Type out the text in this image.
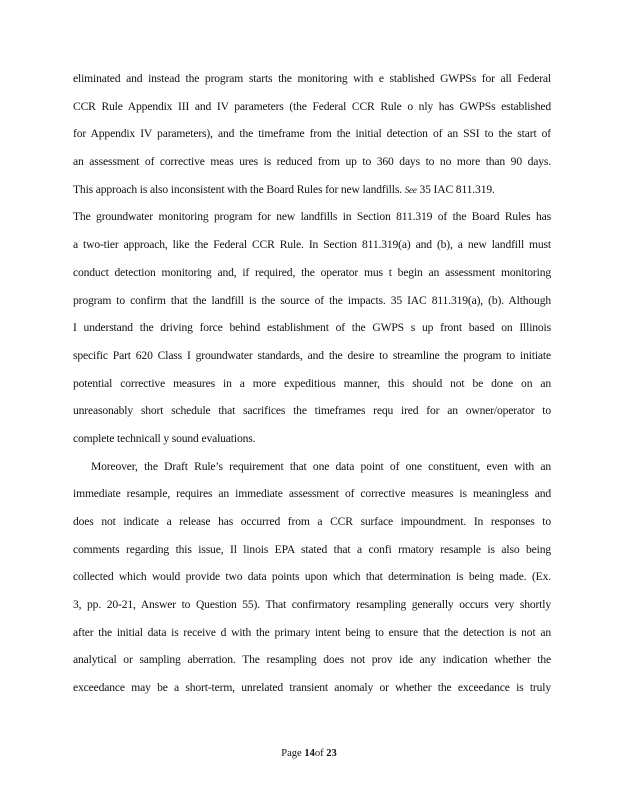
eliminated and instead the program starts the monitoring with e stablished GWPSs for all Federal
CCR Rule Appendix III and IV parameters (the Federal CCR Rule o nly has GWPSs established
for Appendix IV parameters), and the timeframe from the initial detection of an SSI to the start of
an assessment of corrective meas ures is reduced from up to 360 days to no more than 90 days.
This approach is also inconsistent with the Board Rules for new landfills. See 35 IAC 811.319.
The groundwater monitoring program for new landfills in Section 811.319 of the Board Rules has
a two-tier approach, like the Federal CCR Rule. In Section 811.319(a) and (b), a new landfill must
conduct detection monitoring and, if required, the operator mus t begin an assessment monitoring
program to confirm that the landfill is the source of the impacts. 35 IAC 811.319(a), (b). Although
I understand the driving force behind establishment of the GWPS s up front based on Illinois
specific Part 620 Class I groundwater standards, and the desire to streamline the program to initiate
potential corrective measures in a more expeditious manner, this should not be done on an
unreasonably short schedule that sacrifices the timeframes requ ired for an owner/operator to
complete technicall y sound evaluations.
Moreover, the Draft Rule’s requirement that one data point of one constituent, even with an
immediate resample, requires an immediate assessment of corrective measures is meaningless and
does not indicate a release has occurred from a CCR surface impoundment. In responses to
comments regarding this issue, Il linois EPA stated that a confi rmatory resample is also being
collected which would provide two data points upon which that determination is being made. (Ex.
3, pp. 20-21, Answer to Question 55). That confirmatory resampling generally occurs very shortly
after the initial data is receive d with the primary intent being to ensure that the detection is not an
analytical or sampling aberration. The resampling does not prov ide any indication whether the
exceedance may be a short-term, unrelated transient anomaly or whether the exceedance is truly
Page 14of 23
